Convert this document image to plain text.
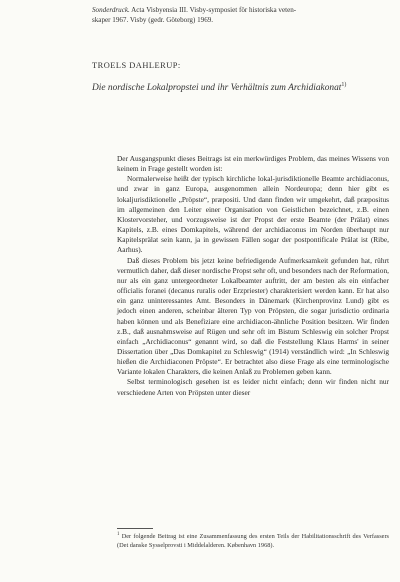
Sonderdruck. Acta Visbyensia III. Visby-symposiet för historiska veten-
skaper 1967. Visby (gedr. Göteborg) 1969.
TROELS DAHLERUP:
Die nordische Lokalpropstei und ihr Verhältnis zum Archidiakonat$^{1)}$

Der Ausgangspunkt dieses Beitrags ist ein merkwürdiges Problem, das meines Wissens von keinem in Frage gestellt worden ist:

Normalerweise heißt der typisch kirchliche lokal-jurisdiktionelle Beamte archidiaconus, und zwar in ganz Europa, ausgenommen allein Nordeuropa; denn hier gibt es lokaljurisdiktionelle „Pröpste“, præpositi. Und dann finden wir umgekehrt, daß præpositus im allgemeinen den Leiter einer Organisation von Geistlichen bezeichnet, z.B. einen Klostervorsteher, und vorzugsweise ist der Propst der erste Beamte (der Prälat) eines Kapitels, z.B. eines Domkapitels, während der archidiaconus im Norden überhaupt nur Kapitelsprälat sein kann, ja in gewissen Fällen sogar der postpontificale Prälat ist (Ribe, Aarhus).

Daß dieses Problem bis jetzt keine befriedigende Aufmerksamkeit gefunden hat, rührt vermutlich daher, daß dieser nordische Propst sehr oft, und besonders nach der Reformation, nur als ein ganz untergeordneter Lokalbeamter auftritt, der am besten als ein einfacher officialis foranei (decanus ruralis oder Erzpriester) charakterisiert werden kann. Er hat also ein ganz uninteressantes Amt. Besonders in Dänemark (Kirchenprovinz Lund) gibt es jedoch einen anderen, scheinbar älteren Typ von Pröpsten, die sogar jurisdictio ordinaria haben können und als Benefiziare eine archidiacon-ähnliche Position besitzen. Wir finden z.B., daß ausnahmsweise auf Rügen und sehr oft im Bistum Schleswig ein solcher Propst einfach „Archidiaconus“ genannt wird, so daß die Feststellung Klaus Harms' in seiner Dissertation über „Das Domkapitel zu Schleswig“ (1914) verständlich wird: „In Schleswig hießen die Archidiaconen Pröpste“. Er betrachtet also diese Frage als eine terminologische Variante lokalen Charakters, die keinen Anlaß zu Problemen geben kann.

Selbst terminologisch gesehen ist es leider nicht einfach; denn wir finden nicht nur verschiedene Arten von Pröpsten unter dieser

$^1$ Der folgende Beitrag ist eine Zusammenfassung des ersten Teils der Habilitationsschrift des Verfassers (Det danske Sysselprovsti i Middelalderen. København 1968).
